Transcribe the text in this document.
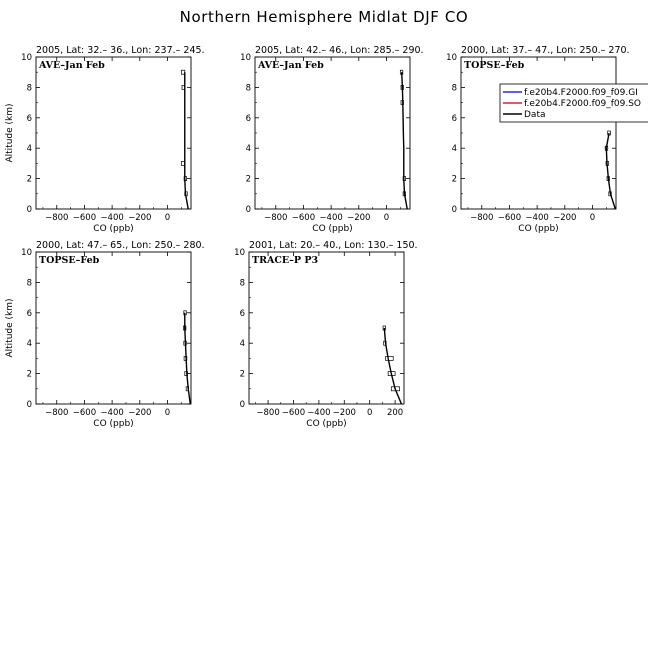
Northern Hemisphere Midlat DJF CO
2005, Lat: 32.– 36., Lon: 237.– 245.
AVE–Jan Feb
0
2
4
6
8
10
−800 −600 −400 −200 0
CO (ppb)
Altitude (km)
2005, Lat: 42.– 46., Lon: 285.– 290.
AVE–Jan Feb
0
2
4
6
8
10
−800 −600 −400 −200 0
CO (ppb)
2000, Lat: 37.– 47., Lon: 250.– 270.
TOPSE–Feb
0
2
4
6
8
10
−800 −600 −400 −200 0
CO (ppb)
2000, Lat: 47.– 65., Lon: 250.– 280.
TOPSE–Feb
0
2
4
6
8
10
−800 −600 −400 −200 0
CO (ppb)
Altitude (km)
2001, Lat: 20.– 40., Lon: 130.– 150.
TRACE–P P3
0
2
4
6
8
10
−800 −600 −400 −200 0 200
CO (ppb)
f.e20b4.F2000.f09_f09.GI
f.e20b4.F2000.f09_f09.SO
Data
